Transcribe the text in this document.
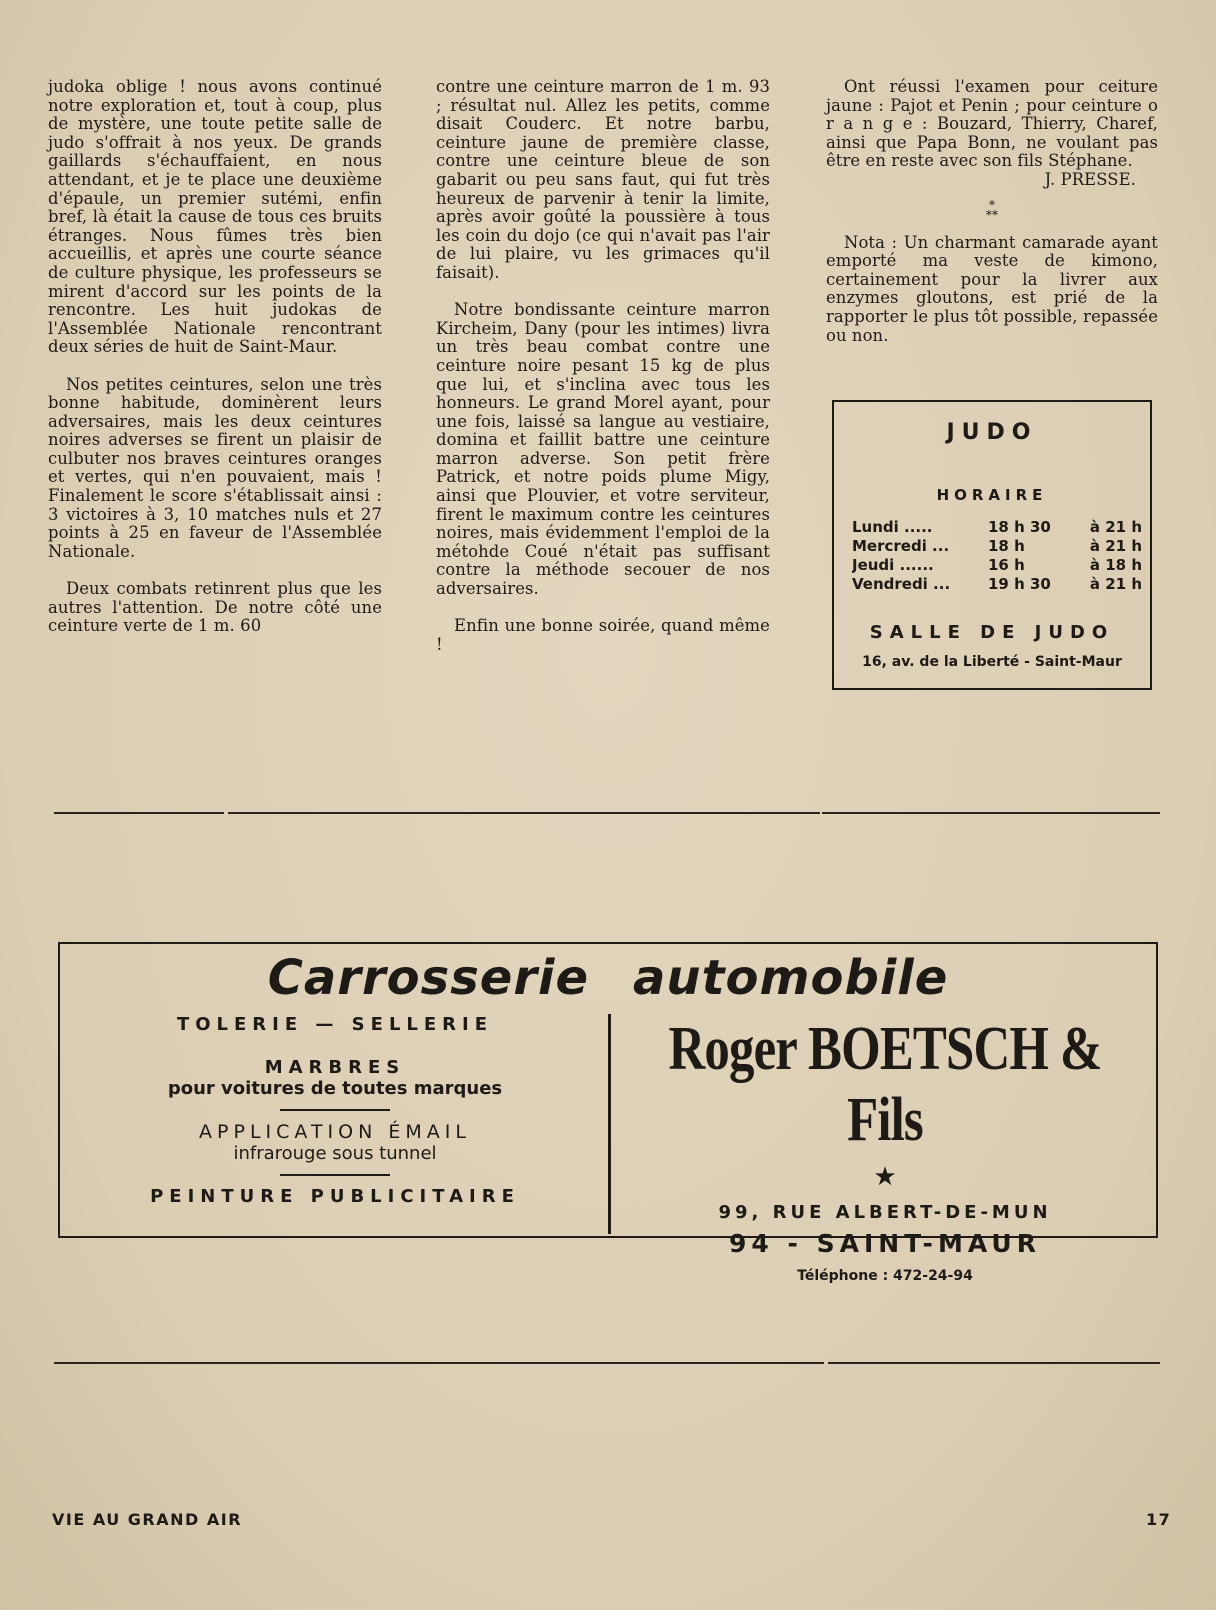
judoka oblige ! nous avons continué notre exploration et, tout à coup, plus de mystère, une toute petite salle de judo s'offrait à nos yeux. De grands gaillards s'échauffaient, en nous attendant, et je te place une deuxième d'épaule, un premier sutémi, enfin bref, là était la cause de tous ces bruits étranges. Nous fûmes très bien accueillis, et après une courte séance de culture physique, les professeurs se mirent d'accord sur les points de la rencontre. Les huit judokas de l'Assemblée Nationale rencontrant deux séries de huit de Saint-Maur.

Nos petites ceintures, selon une très bonne habitude, dominèrent leurs adversaires, mais les deux ceintures noires adverses se firent un plaisir de culbuter nos braves ceintures oranges et vertes, qui n'en pouvaient, mais ! Finalement le score s'établissait ainsi : 3 victoires à 3, 10 matches nuls et 27 points à 25 en faveur de l'Assemblée Nationale.

Deux combats retinrent plus que les autres l'attention. De notre côté une ceinture verte de 1 m. 60

contre une ceinture marron de 1 m. 93 ; résultat nul. Allez les petits, comme disait Couderc. Et notre barbu, ceinture jaune de première classe, contre une ceinture bleue de son gabarit ou peu sans faut, qui fut très heureux de parvenir à tenir la limite, après avoir goûté la poussière à tous les coin du dojo (ce qui n'avait pas l'air de lui plaire, vu les grimaces qu'il faisait).

Notre bondissante ceinture marron Kircheim, Dany (pour les intimes) livra un très beau combat contre une ceinture noire pesant 15 kg de plus que lui, et s'inclina avec tous les honneurs. Le grand Morel ayant, pour une fois, laissé sa langue au vestiaire, domina et faillit battre une ceinture marron adverse. Son petit frère Patrick, et notre poids plume Migy, ainsi que Plouvier, et votre serviteur, firent le maximum contre les ceintures noires, mais évidemment l'emploi de la métohde Coué n'était pas suffisant contre la méthode secouer de nos adversaires.

Enfin une bonne soirée, quand même !

Ont réussi l'examen pour ceiture jaune : Pajot et Penin ; pour ceinture o r a n g e : Bouzard, Thierry, Charef, ainsi que Papa Bonn, ne voulant pas être en reste avec son fils Stéphane.

J. PRESSE.
*
**

Nota : Un charmant camarade ayant emporté ma veste de kimono, certainement pour la livrer aux enzymes gloutons, est prié de la rapporter le plus tôt possible, repassée ou non.

JUDO
HORAIRE
Lundi .....	18 h 30	à 21 h
Mercredi ...	18 h	à 21 h
Jeudi ......	16 h	à 18 h
Vendredi ...	19 h 30	à 21 h
SALLE DE JUDO
16, av. de la Liberté - Saint-Maur
Carrosserie automobile
TOLERIE — SELLERIE
MARBRES
pour voitures de toutes marques
APPLICATION ÉMAIL
infrarouge sous tunnel
PEINTURE PUBLICITAIRE
Roger BOETSCH & Fils
★
99, RUE ALBERT-DE-MUN
94 - SAINT-MAUR
Téléphone : 472-24-94
VIE AU GRAND AIR	17
